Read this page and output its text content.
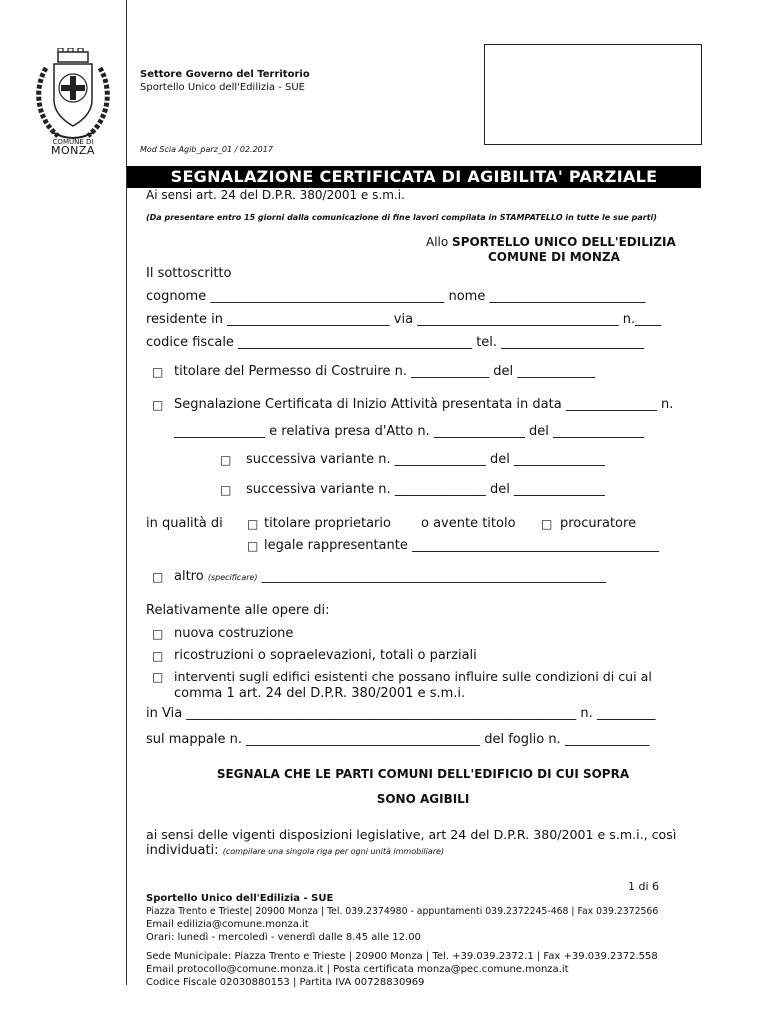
COMUNE DI
MONZA
Settore Governo del Territorio
Sportello Unico dell'Edilizia - SUE
Mod Scia Agib_parz_01 / 02.2017
SEGNALAZIONE CERTIFICATA DI AGIBILITA' PARZIALE
Ai sensi art. 24 del D.P.R. 380/2001 e s.m.i.
(Da presentare entro 15 giorni dalla comunicazione di fine lavori compilata in STAMPATELLO in tutte le sue parti)
Allo SPORTELLO UNICO DELL'EDILIZIA
COMUNE DI MONZA
Il sottoscritto
cognome ____________________________________ nome ________________________
residente in _________________________ via _______________________________ n.____
codice fiscale ____________________________________ tel. ______________________
□ titolare del Permesso di Costruire n. ____________ del ____________
□ Segnalazione Certificata di Inizio Attività presentata in data ______________ n.
______________ e relativa presa d'Atto n. ______________ del ______________
□ successiva variante n. ______________ del ______________
□ successiva variante n. ______________ del ______________
in qualità di □ titolare proprietario o avente titolo □ procuratore
□ legale rappresentante ______________________________________
□ altro (specificare) _____________________________________________________
Relativamente alle opere di:
□ nuova costruzione
□ ricostruzioni o sopraelevazioni, totali o parziali
□ interventi sugli edifici esistenti che possano influire sulle condizioni di cui al
comma 1 art. 24 del D.P.R. 380/2001 e s.m.i.
in Via ____________________________________________________________ n. _________
sul mappale n. ____________________________________ del foglio n. _____________
SEGNALA CHE LE PARTI COMUNI DELL'EDIFICIO DI CUI SOPRA
SONO AGIBILI
ai sensi delle vigenti disposizioni legislative, art 24 del D.P.R. 380/2001 e s.m.i., così
individuati: (compilare una singola riga per ogni unità immobiliare)
1 di 6
Sportello Unico dell'Edilizia - SUE
Piazza Trento e Trieste| 20900 Monza | Tel. 039.2374980 - appuntamenti 039.2372245-468 | Fax 039.2372566
Email edilizia@comune.monza.it
Orari: lunedì - mercoledì - venerdì dalle 8.45 alle 12.00
Sede Municipale: Piazza Trento e Trieste | 20900 Monza | Tel. +39.039.2372.1 | Fax +39.039.2372.558
Email protocollo@comune.monza.it | Posta certificata monza@pec.comune.monza.it
Codice Fiscale 02030880153 | Partita IVA 00728830969
